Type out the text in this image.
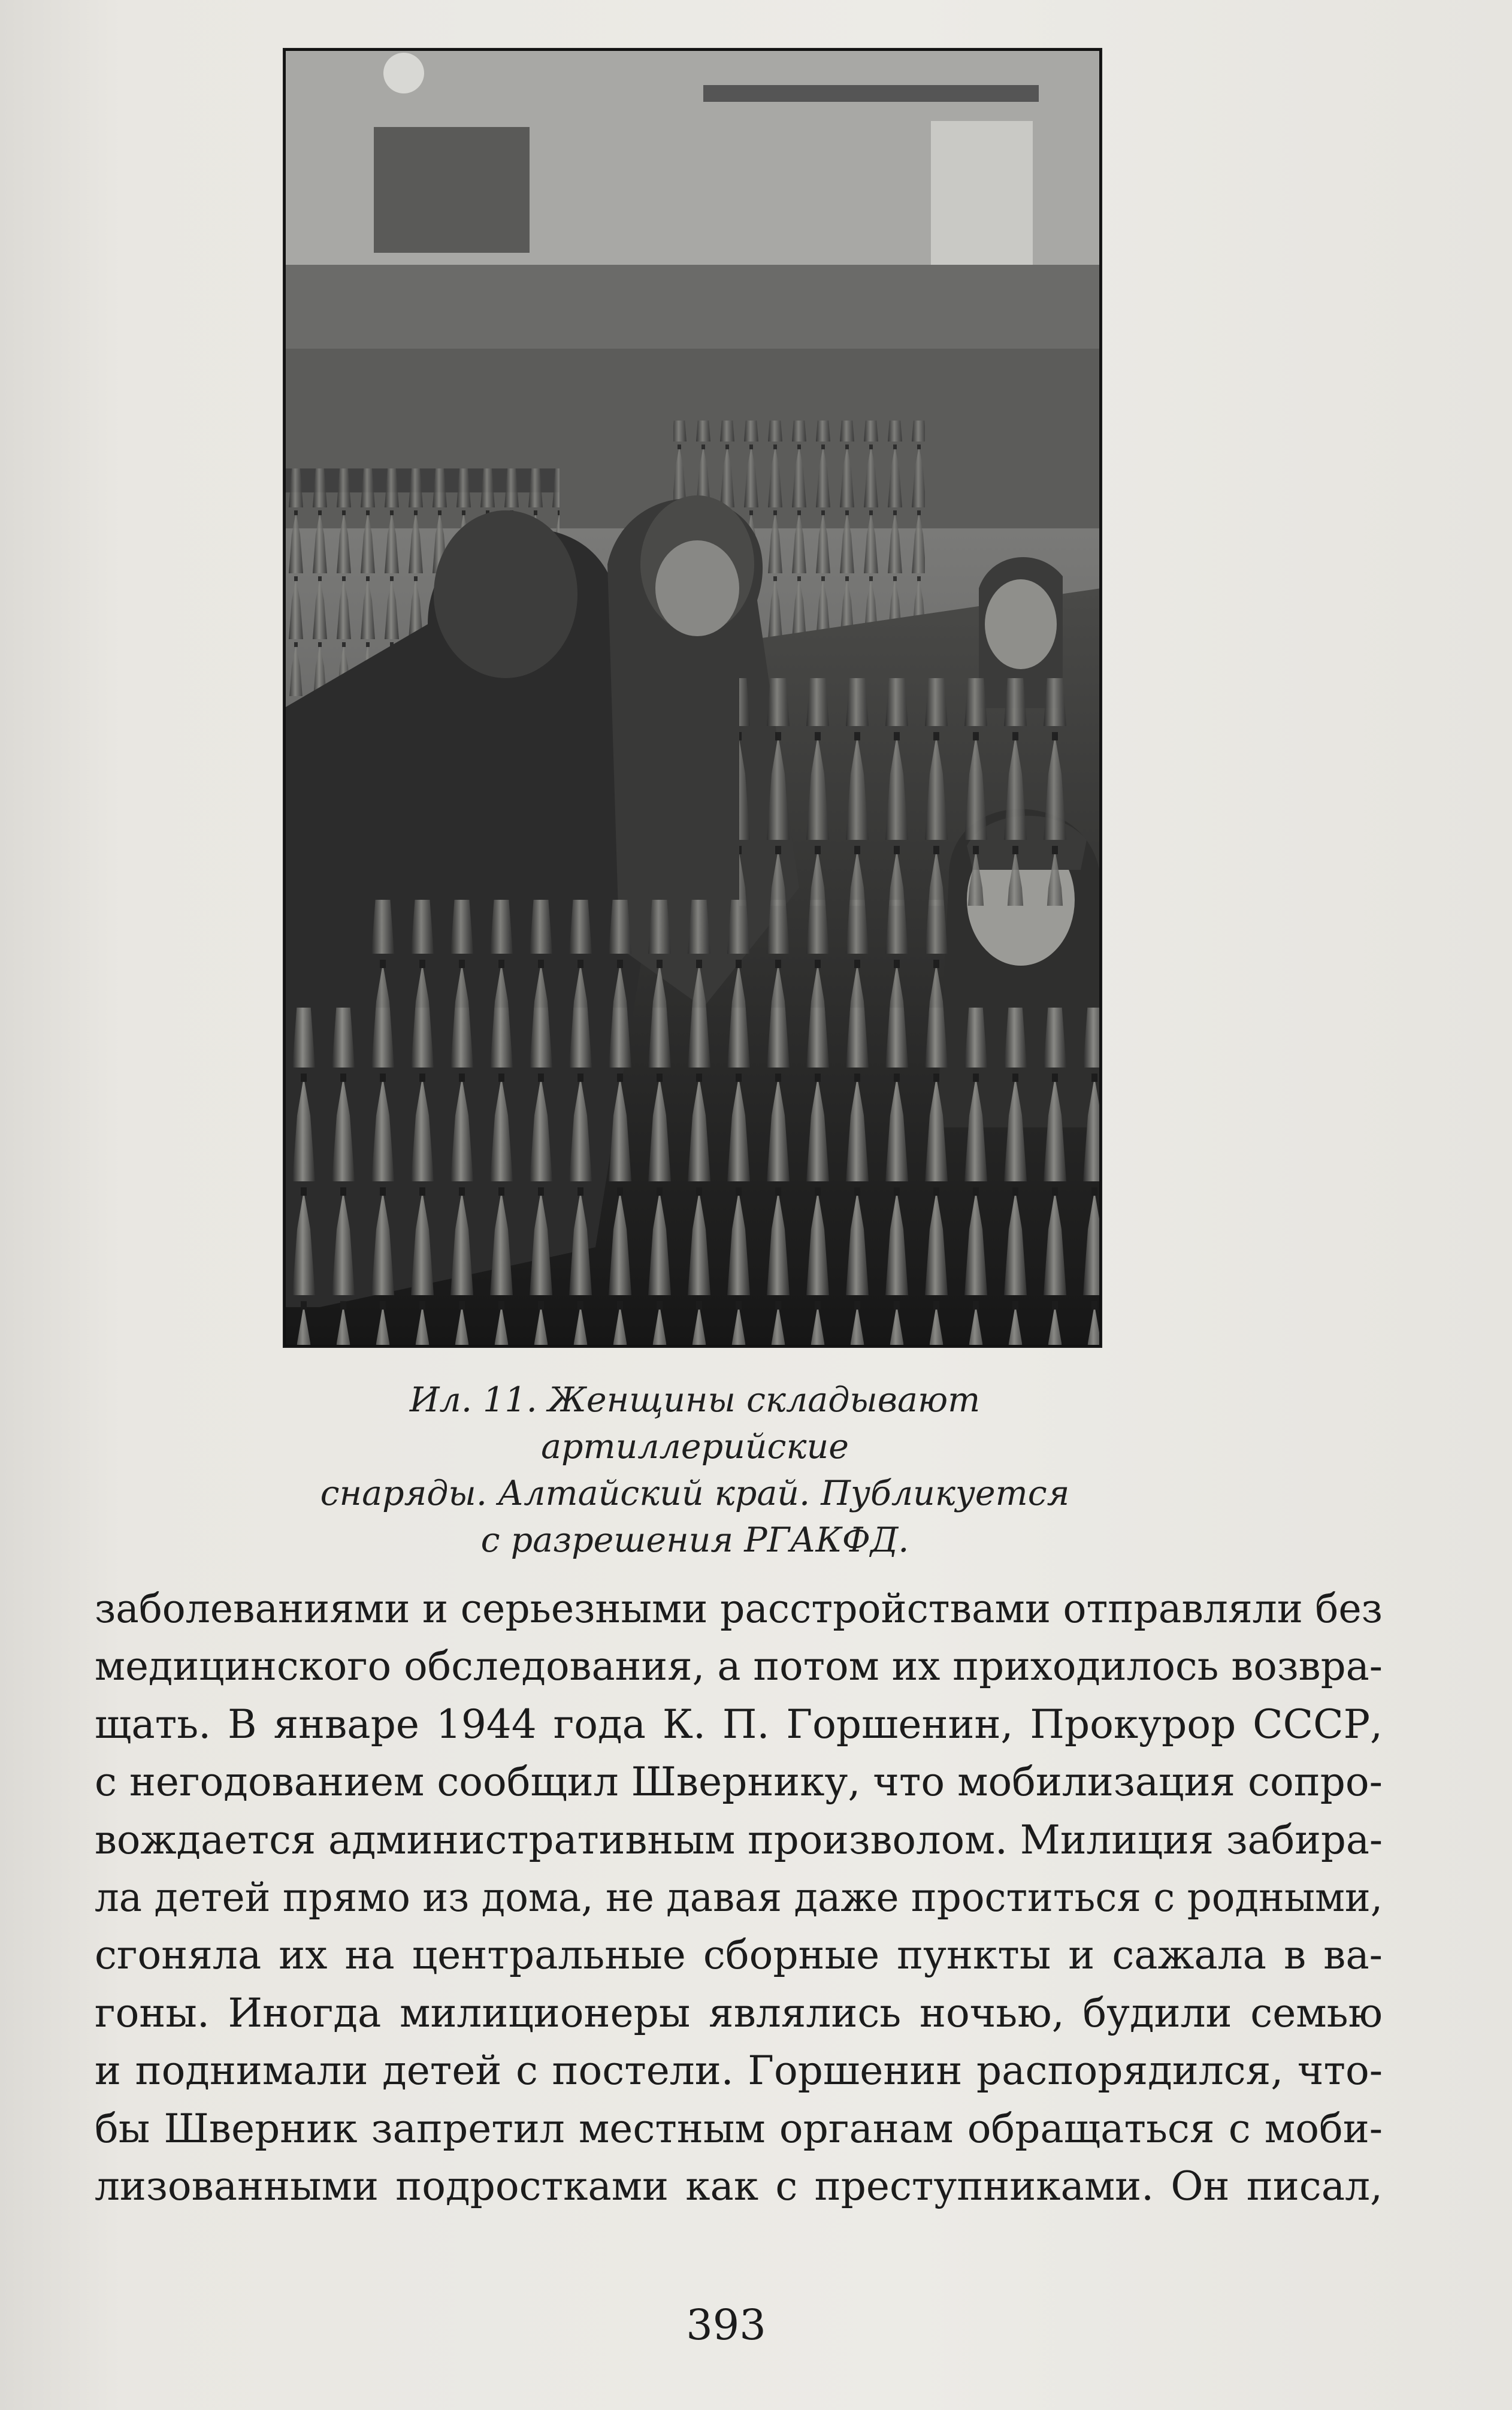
Ил. 11. Женщины складывают артиллерийские
снаряды. Алтайский край. Публикуется
с разрешения РГАКФД.
заболеваниями и серьезными расстройствами отправляли без
медицинского обследования, а потом их приходилось возвра-
щать. В январе 1944 года К. П. Горшенин, Прокурор СССР,
с негодованием сообщил Швернику, что мобилизация сопро-
вождается административным произволом. Милиция забира-
ла детей прямо из дома, не давая даже проститься с родными,
сгоняла их на центральные сборные пункты и сажала в ва-
гоны. Иногда милиционеры являлись ночью, будили семью
и поднимали детей с постели. Горшенин распорядился, что-
бы Шверник запретил местным органам обращаться с моби-
лизованными подростками как с преступниками. Он писал,
393
